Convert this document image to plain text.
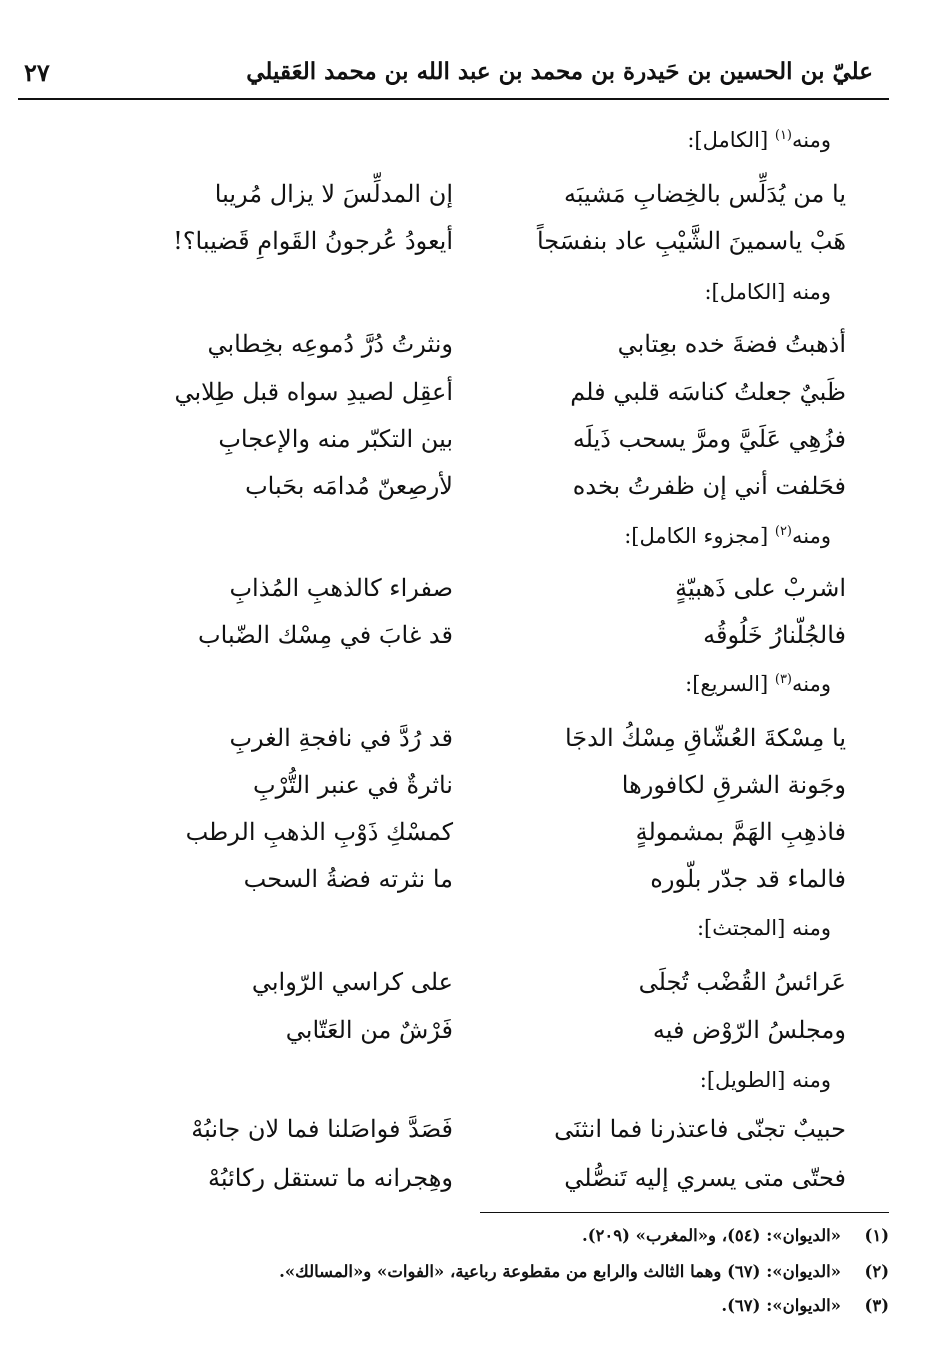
عليّ بن الحسين بن حَيدرة بن محمد بن عبد الله بن محمد العَقيلي
٢٧
ومنه$^{(١)}$ [الكامل]:
يا من يُدَلِّس بالخِضابِ مَشيبَه
إن المدلِّسَ لا يزال مُريبا
هَبْ ياسمينَ الشَّيْبِ عاد بنفسَجاً
أيعودُ عُرجونُ القَوامِ قَضيبا؟!
ومنه [الكامل]:
أذهبتُ فضةَ خده بعِتابي
ونثرتُ دُرَّ دُموعِه بخِطابي
ظَبيٌ جعلتُ كناسَه قلبي فلم
أعقِل لصيدِ سواه قبل طِلابي
فزُهِي عَلَيَّ ومرَّ يسحب ذَيلَه
بين التكبّر منه والإعجابِ
فحَلفت أني إن ظفرتُ بخده
لأرصِعنّ مُدامَه بحَباب
ومنه$^{(٢)}$ [مجزوء الكامل]:
اشربْ على ذَهبيّةٍ
صفراء كالذهبِ المُذابِ
فالجُلّنارُ خَلُوقُه
قد غابَ في مِسْك الضّباب
ومنه$^{(٣)}$ [السريع]:
يا مِسْكةَ العُشّاقِ مِسْكُ الدجَا
قد رُدَّ في نافجةِ الغربِ
وجَونة الشرقِ لكافورها
ناثرةٌ في عنبر التُّرْبِ
فاذهِبِ الهَمَّ بمشمولةٍ
كمسْكِ ذَوْبِ الذهبِ الرطب
فالماء قد جدّر بلّوره
ما نثرته فضةُ السحب
ومنه [المجتث]:
عَرائسُ القُضْب تُجلَى
على كراسي الرّوابي
ومجلسُ الرّوْض فيه
فَرْشٌ من العَتّابي
ومنه [الطويل]:
حبيبٌ تجنّى فاعتذرنا فما انثنَى
فَصَدَّ فواصَلنا فما لان جانبُهْ
فحتّى متى يسري إليه تَنصُّلي
وهِجرانه ما تستقل ركائبُهْ
(١)«الديوان»: (٥٤)، و«المغرب» (٢٠٩).
(٢)«الديوان»: (٦٧) وهما الثالث والرابع من مقطوعة رباعية، «الفوات» و«المسالك».
(٣)«الديوان»: (٦٧).
